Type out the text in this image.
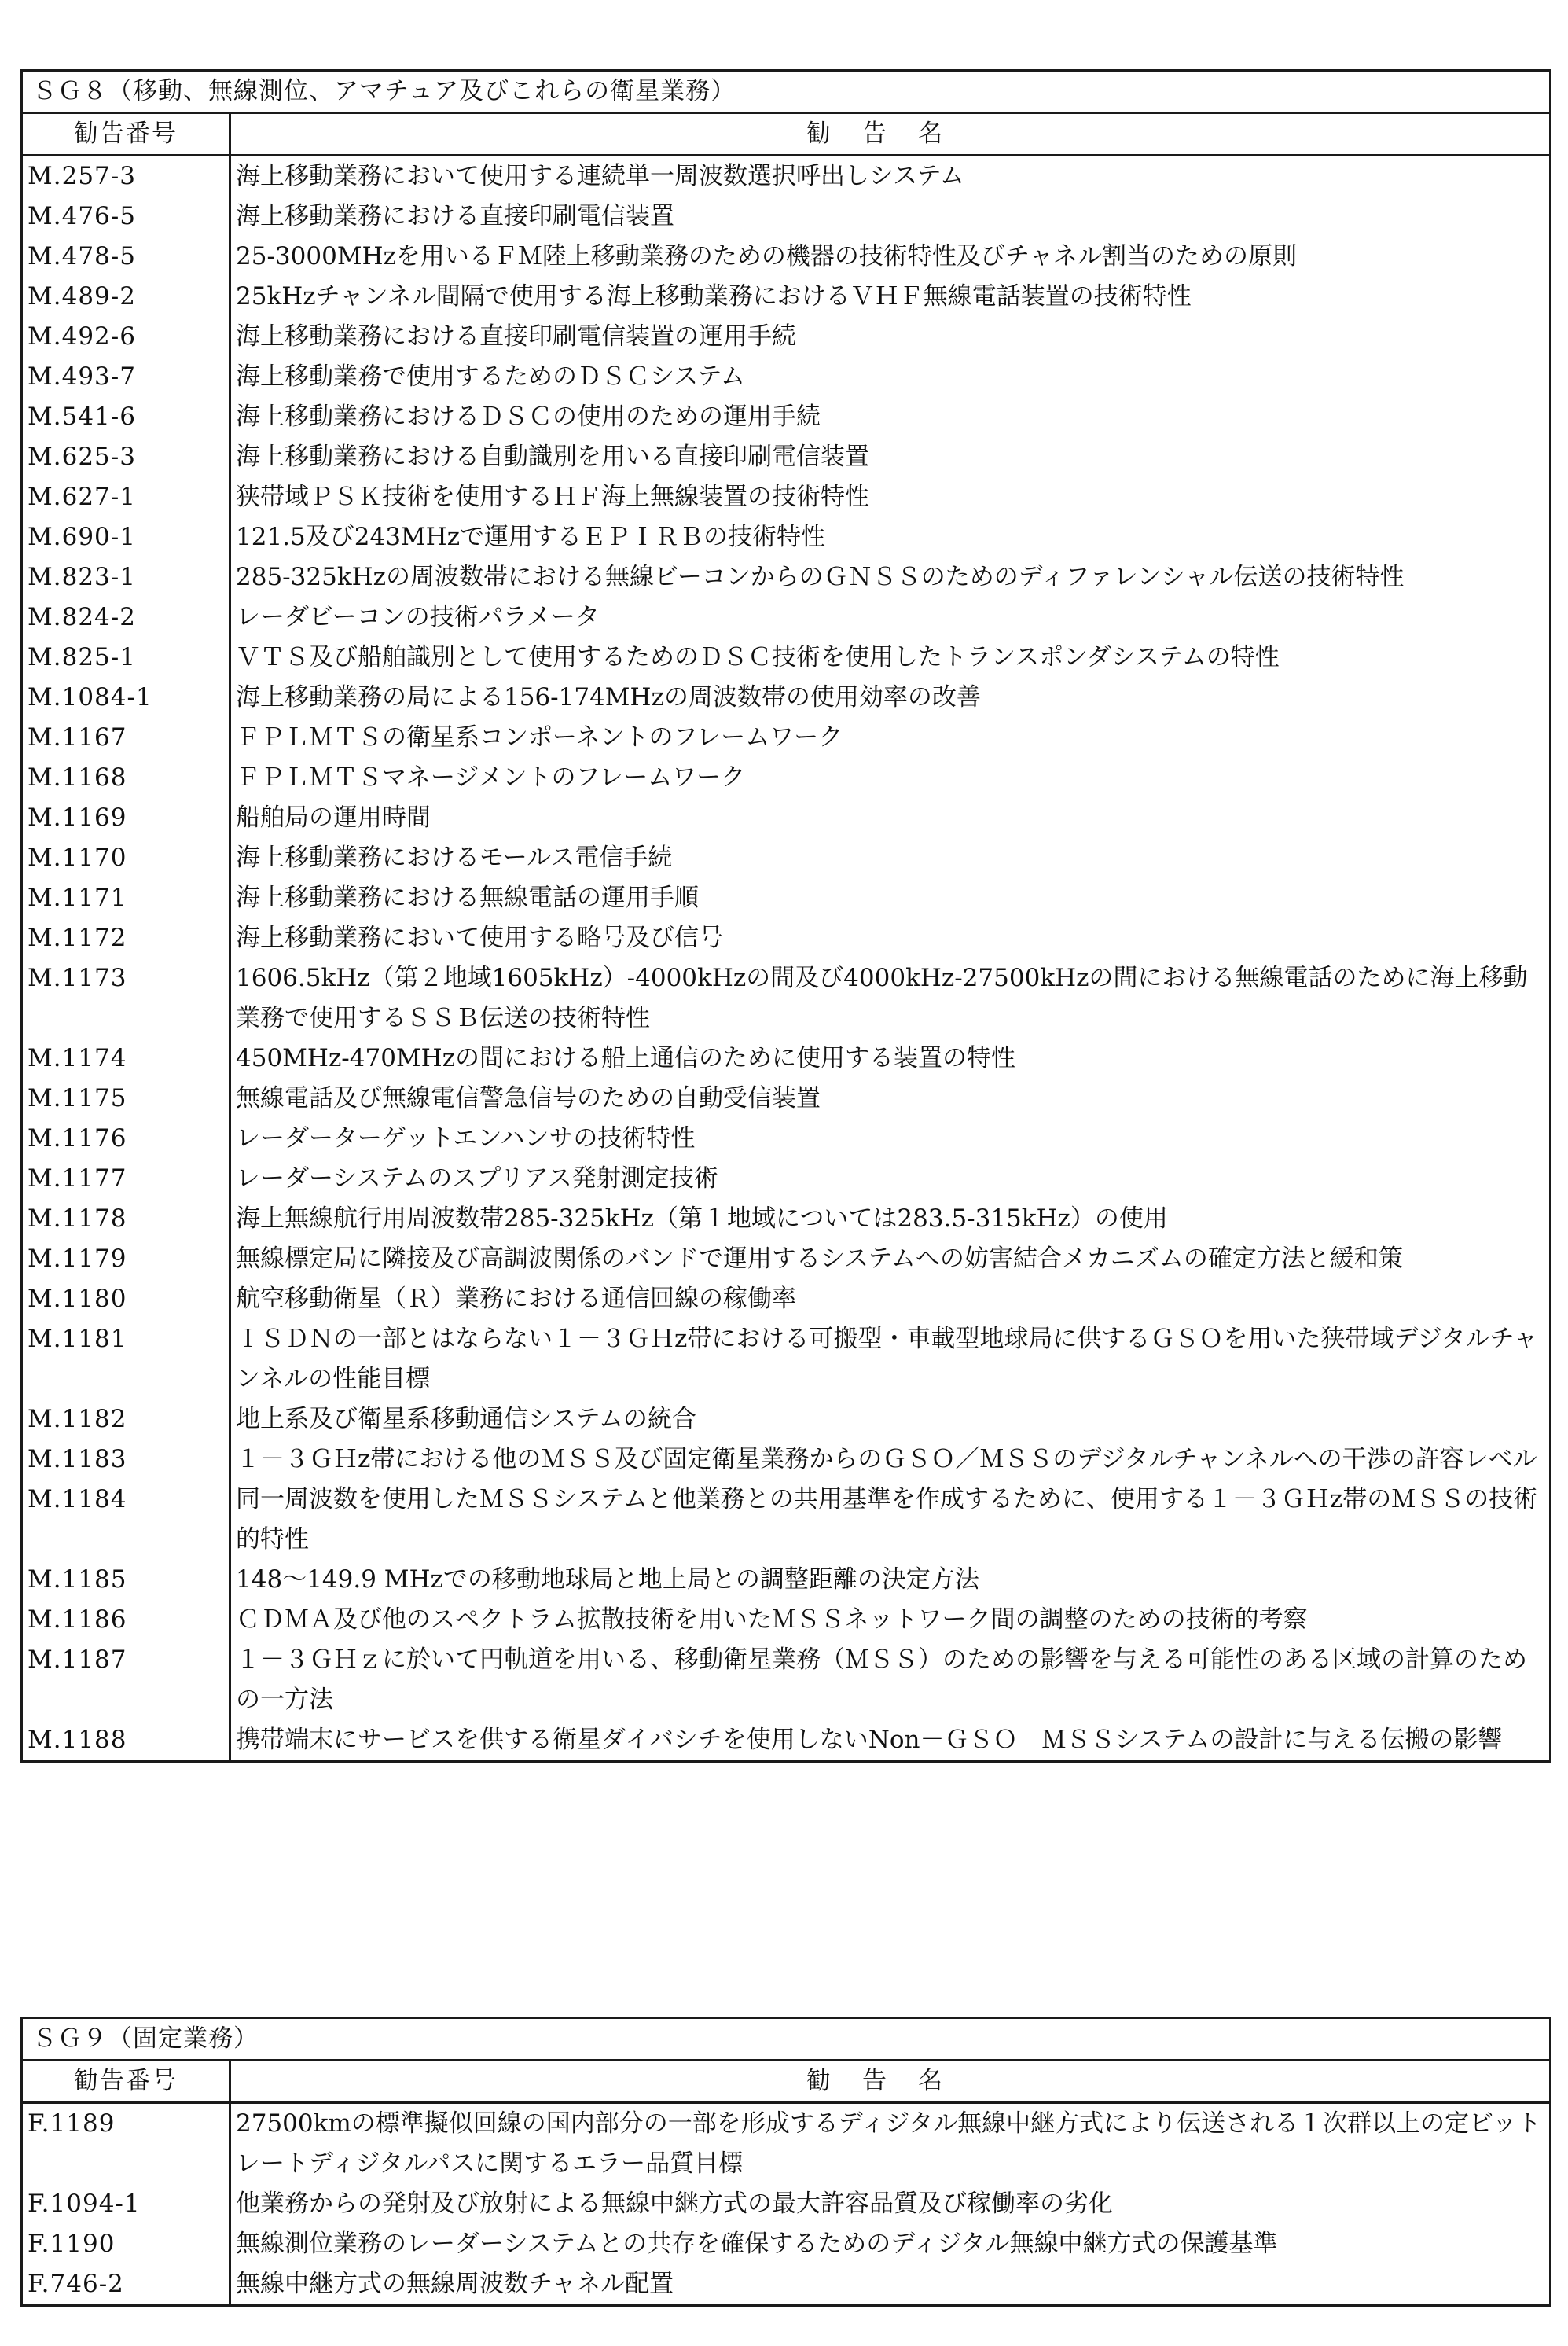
ＳＧ８（移動、無線測位、アマチュア及びこれらの衛星業務）	
勧告番号	勧告名
M.257-3	海上移動業務において使用する連続単一周波数選択呼出しシステム
M.476-5	海上移動業務における直接印刷電信装置
M.478-5	25-3000MHzを用いるＦＭ陸上移動業務のための機器の技術特性及びチャネル割当のための原則
M.489-2	25kHzチャンネル間隔で使用する海上移動業務におけるＶＨＦ無線電話装置の技術特性
M.492-6	海上移動業務における直接印刷電信装置の運用手続
M.493-7	海上移動業務で使用するためのＤＳＣシステム
M.541-6	海上移動業務におけるＤＳＣの使用のための運用手続
M.625-3	海上移動業務における自動識別を用いる直接印刷電信装置
M.627-1	狭帯域ＰＳＫ技術を使用するＨＦ海上無線装置の技術特性
M.690-1	121.5及び243MHzで運用するＥＰＩＲＢの技術特性
M.823-1	285-325kHzの周波数帯における無線ビーコンからのＧＮＳＳのためのディファレンシャル伝送の技術特性
M.824-2	レーダビーコンの技術パラメータ
M.825-1	ＶＴＳ及び船舶識別として使用するためのＤＳＣ技術を使用したトランスポンダシステムの特性
M.1084-1	海上移動業務の局による156-174MHzの周波数帯の使用効率の改善
M.1167	ＦＰＬＭＴＳの衛星系コンポーネントのフレームワーク
M.1168	ＦＰＬＭＴＳマネージメントのフレームワーク
M.1169	船舶局の運用時間
M.1170	海上移動業務におけるモールス電信手続
M.1171	海上移動業務における無線電話の運用手順
M.1172	海上移動業務において使用する略号及び信号
M.1173	1606.5kHz（第２地域1605kHz）-4000kHzの間及び4000kHz-27500kHzの間における無線電話のために海上移動業務で使用するＳＳＢ伝送の技術特性
M.1174	450MHz-470MHzの間における船上通信のために使用する装置の特性
M.1175	無線電話及び無線電信警急信号のための自動受信装置
M.1176	レーダーターゲットエンハンサの技術特性
M.1177	レーダーシステムのスプリアス発射測定技術
M.1178	海上無線航行用周波数帯285-325kHz（第１地域については283.5-315kHz）の使用
M.1179	無線標定局に隣接及び高調波関係のバンドで運用するシステムへの妨害結合メカニズムの確定方法と緩和策
M.1180	航空移動衛星（Ｒ）業務における通信回線の稼働率
M.1181	ＩＳＤＮの一部とはならない１－３ＧＨz帯における可搬型・車載型地球局に供するＧＳＯを用いた狭帯域デジタルチャンネルの性能目標
M.1182	地上系及び衛星系移動通信システムの統合
M.1183	１－３ＧＨz帯における他のＭＳＳ及び固定衛星業務からのＧＳＯ／ＭＳＳのデジタルチャンネルへの干渉の許容レベル
M.1184	同一周波数を使用したＭＳＳシステムと他業務との共用基準を作成するために、使用する１－３ＧＨz帯のＭＳＳの技術的特性
M.1185	148～149.9 MHzでの移動地球局と地上局との調整距離の決定方法
M.1186	ＣＤＭＡ及び他のスペクトラム拡散技術を用いたＭＳＳネットワーク間の調整のための技術的考察
M.1187	１－３ＧＨｚに於いて円軌道を用いる、移動衛星業務（ＭＳＳ）のための影響を与える可能性のある区域の計算のための一方法
M.1188	携帯端末にサービスを供する衛星ダイバシチを使用しないNon－ＧＳＯ　ＭＳＳシステムの設計に与える伝搬の影響
ＳＧ９（固定業務）	
勧告番号	勧告名
F.1189	27500kmの標準擬似回線の国内部分の一部を形成するディジタル無線中継方式により伝送される１次群以上の定ビットレートディジタルパスに関するエラー品質目標
F.1094-1	他業務からの発射及び放射による無線中継方式の最大許容品質及び稼働率の劣化
F.1190	無線測位業務のレーダーシステムとの共存を確保するためのディジタル無線中継方式の保護基準
F.746-2	無線中継方式の無線周波数チャネル配置
